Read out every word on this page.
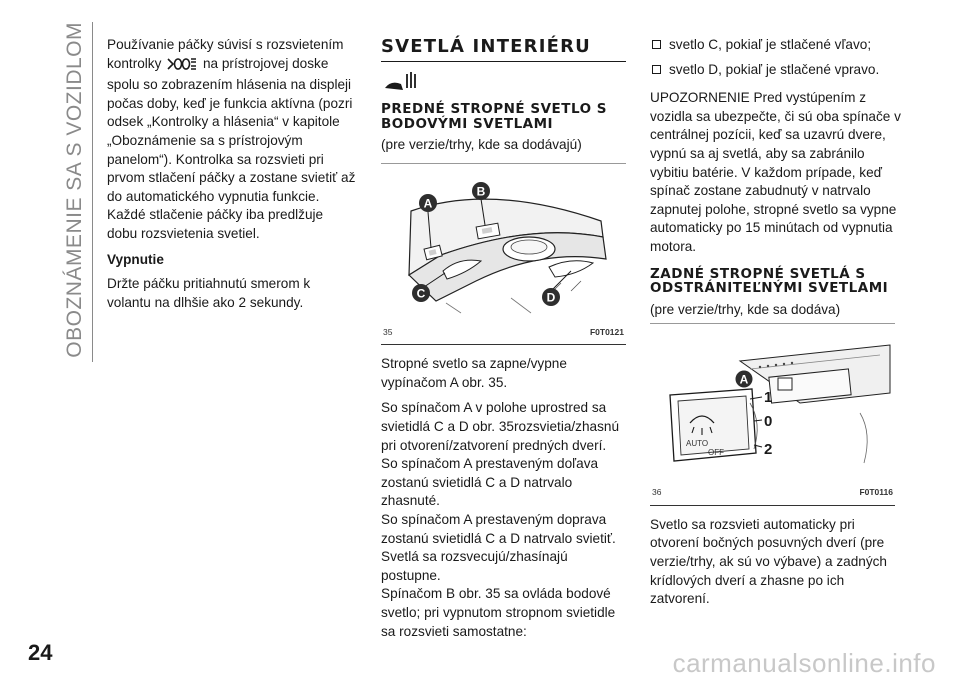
OBOZNÁMENIE SA S VOZIDLOM Používanie páčky súvisí s rozsvietením kontrolky	na prístrojovej doske spolu so zobrazením hlásenia na displeji počas doby, keď je funkcia aktívna (pozri odsek „Kontrolky a hlásenia“ v kapitole „Oboznámenie sa s prístrojovým panelom“). Kontrolka sa rozsvieti pri prvom stlačení páčky a zostane svietiť až do automatického vypnutia funkcie. Každé stlačenie páčky iba predlžuje dobu rozsvietenia svetiel.

Vypnutie

Držte páčku pritiahnutú smerom k volantu na dlhšie ako 2 sekundy.

SVETLÁ INTERIÉRU
PREDNÉ STROPNÉ SVETLO S BODOVÝMI SVETLAMI

(pre verzie/trhy, kde sa dodávajú)

A
B
C	D
35	F0T0121

Stropné svetlo sa zapne/vypne vypínačom A obr. 35.

So spínačom A v polohe uprostred sa svietidlá C a D obr. 35rozsvietia/zhasnú pri otvorení/zatvorení predných dverí.

So spínačom A prestaveným doľava zostanú svietidlá C a D natrvalo zhasnuté.

So spínačom A prestaveným doprava zostanú svietidlá C a D natrvalo svietiť.

Svetlá sa rozsvecujú/zhasínajú postupne.

Spínačom B obr. 35 sa ovláda bodové svetlo; pri vypnutom stropnom svietidle sa rozsvieti samostatne:

svetlo C, pokiaľ je stlačené vľavo;
svetlo D, pokiaľ je stlačené vpravo.

UPOZORNENIE Pred vystúpením z vozidla sa ubezpečte, či sú oba spínače v centrálnej pozícii, keď sa uzavrú dvere, vypnú sa aj svetlá, aby sa zabránilo vybitiu batérie. V každom prípade, keď spínač zostane zabudnutý v natrvalo zapnutej polohe, stropné svetlo sa vypne automaticky po 15 minútach od vypnutia motora.

ZADNÉ STROPNÉ SVETLÁ S ODSTRÁNITEĽNÝMI SVETLAMI

(pre verzie/trhy, kde sa dodáva)

AUTO
OFF
A
1
0
2
36	F0T0116

Svetlo sa rozsvieti automaticky pri otvorení bočných posuvných dverí (pre verzie/trhy, ak sú vo výbave) a zadných krídlových dverí a zhasne po ich zatvorení.

24	carmanualsonline.info
